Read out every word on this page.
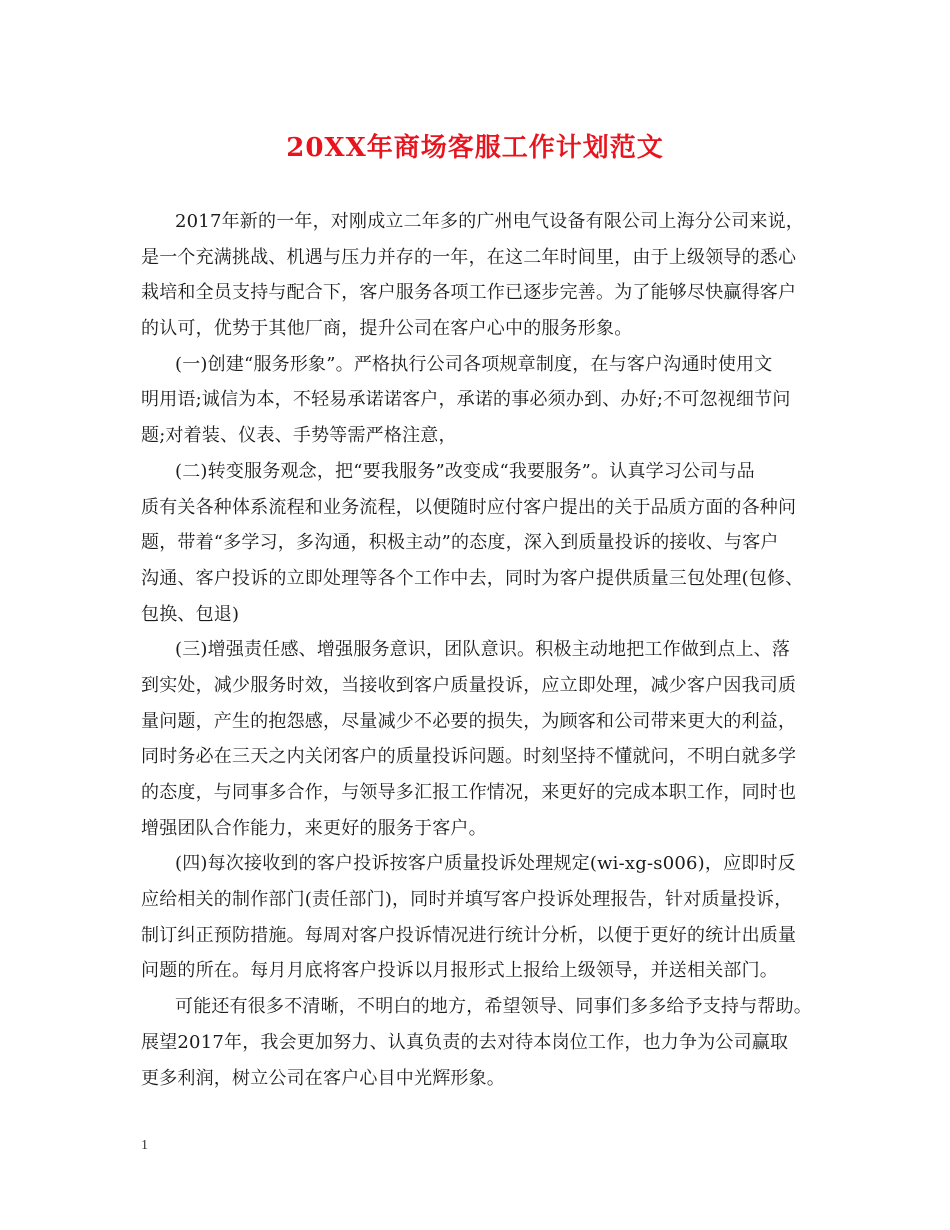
20XX年商场客服工作计划范文
2017年新的一年，对刚成立二年多的广州电气设备有限公司上海分公司来说，
是一个充满挑战、机遇与压力并存的一年，在这二年时间里，由于上级领导的悉心
栽培和全员支持与配合下，客户服务各项工作已逐步完善。为了能够尽快赢得客户
的认可，优势于其他厂商，提升公司在客户心中的服务形象。
(一)创建“服务形象”。严格执行公司各项规章制度，在与客户沟通时使用文
明用语;诚信为本，不轻易承诺诺客户，承诺的事必须办到、办好;不可忽视细节问
题;对着装、仪表、手势等需严格注意，
(二)转变服务观念，把“要我服务”改变成“我要服务”。认真学习公司与品
质有关各种体系流程和业务流程，以便随时应付客户提出的关于品质方面的各种问
题，带着“多学习，多沟通，积极主动”的态度，深入到质量投诉的接收、与客户
沟通、客户投诉的立即处理等各个工作中去，同时为客户提供质量三包处理(包修、
包换、包退)
(三)增强责任感、增强服务意识，团队意识。积极主动地把工作做到点上、落
到实处，减少服务时效，当接收到客户质量投诉，应立即处理，减少客户因我司质
量问题，产生的抱怨感，尽量减少不必要的损失，为顾客和公司带来更大的利益，
同时务必在三天之内关闭客户的质量投诉问题。时刻坚持不懂就问，不明白就多学
的态度，与同事多合作，与领导多汇报工作情况，来更好的完成本职工作，同时也
增强团队合作能力，来更好的服务于客户。
(四)每次接收到的客户投诉按客户质量投诉处理规定(wi-xg-s006)，应即时反
应给相关的制作部门(责任部门)，同时并填写客户投诉处理报告，针对质量投诉，
制订纠正预防措施。每周对客户投诉情况进行统计分析，以便于更好的统计出质量
问题的所在。每月月底将客户投诉以月报形式上报给上级领导，并送相关部门。
可能还有很多不清晰，不明白的地方，希望领导、同事们多多给予支持与帮助。
展望2017年，我会更加努力、认真负责的去对待本岗位工作，也力争为公司赢取
更多利润，树立公司在客户心目中光辉形象。
1
